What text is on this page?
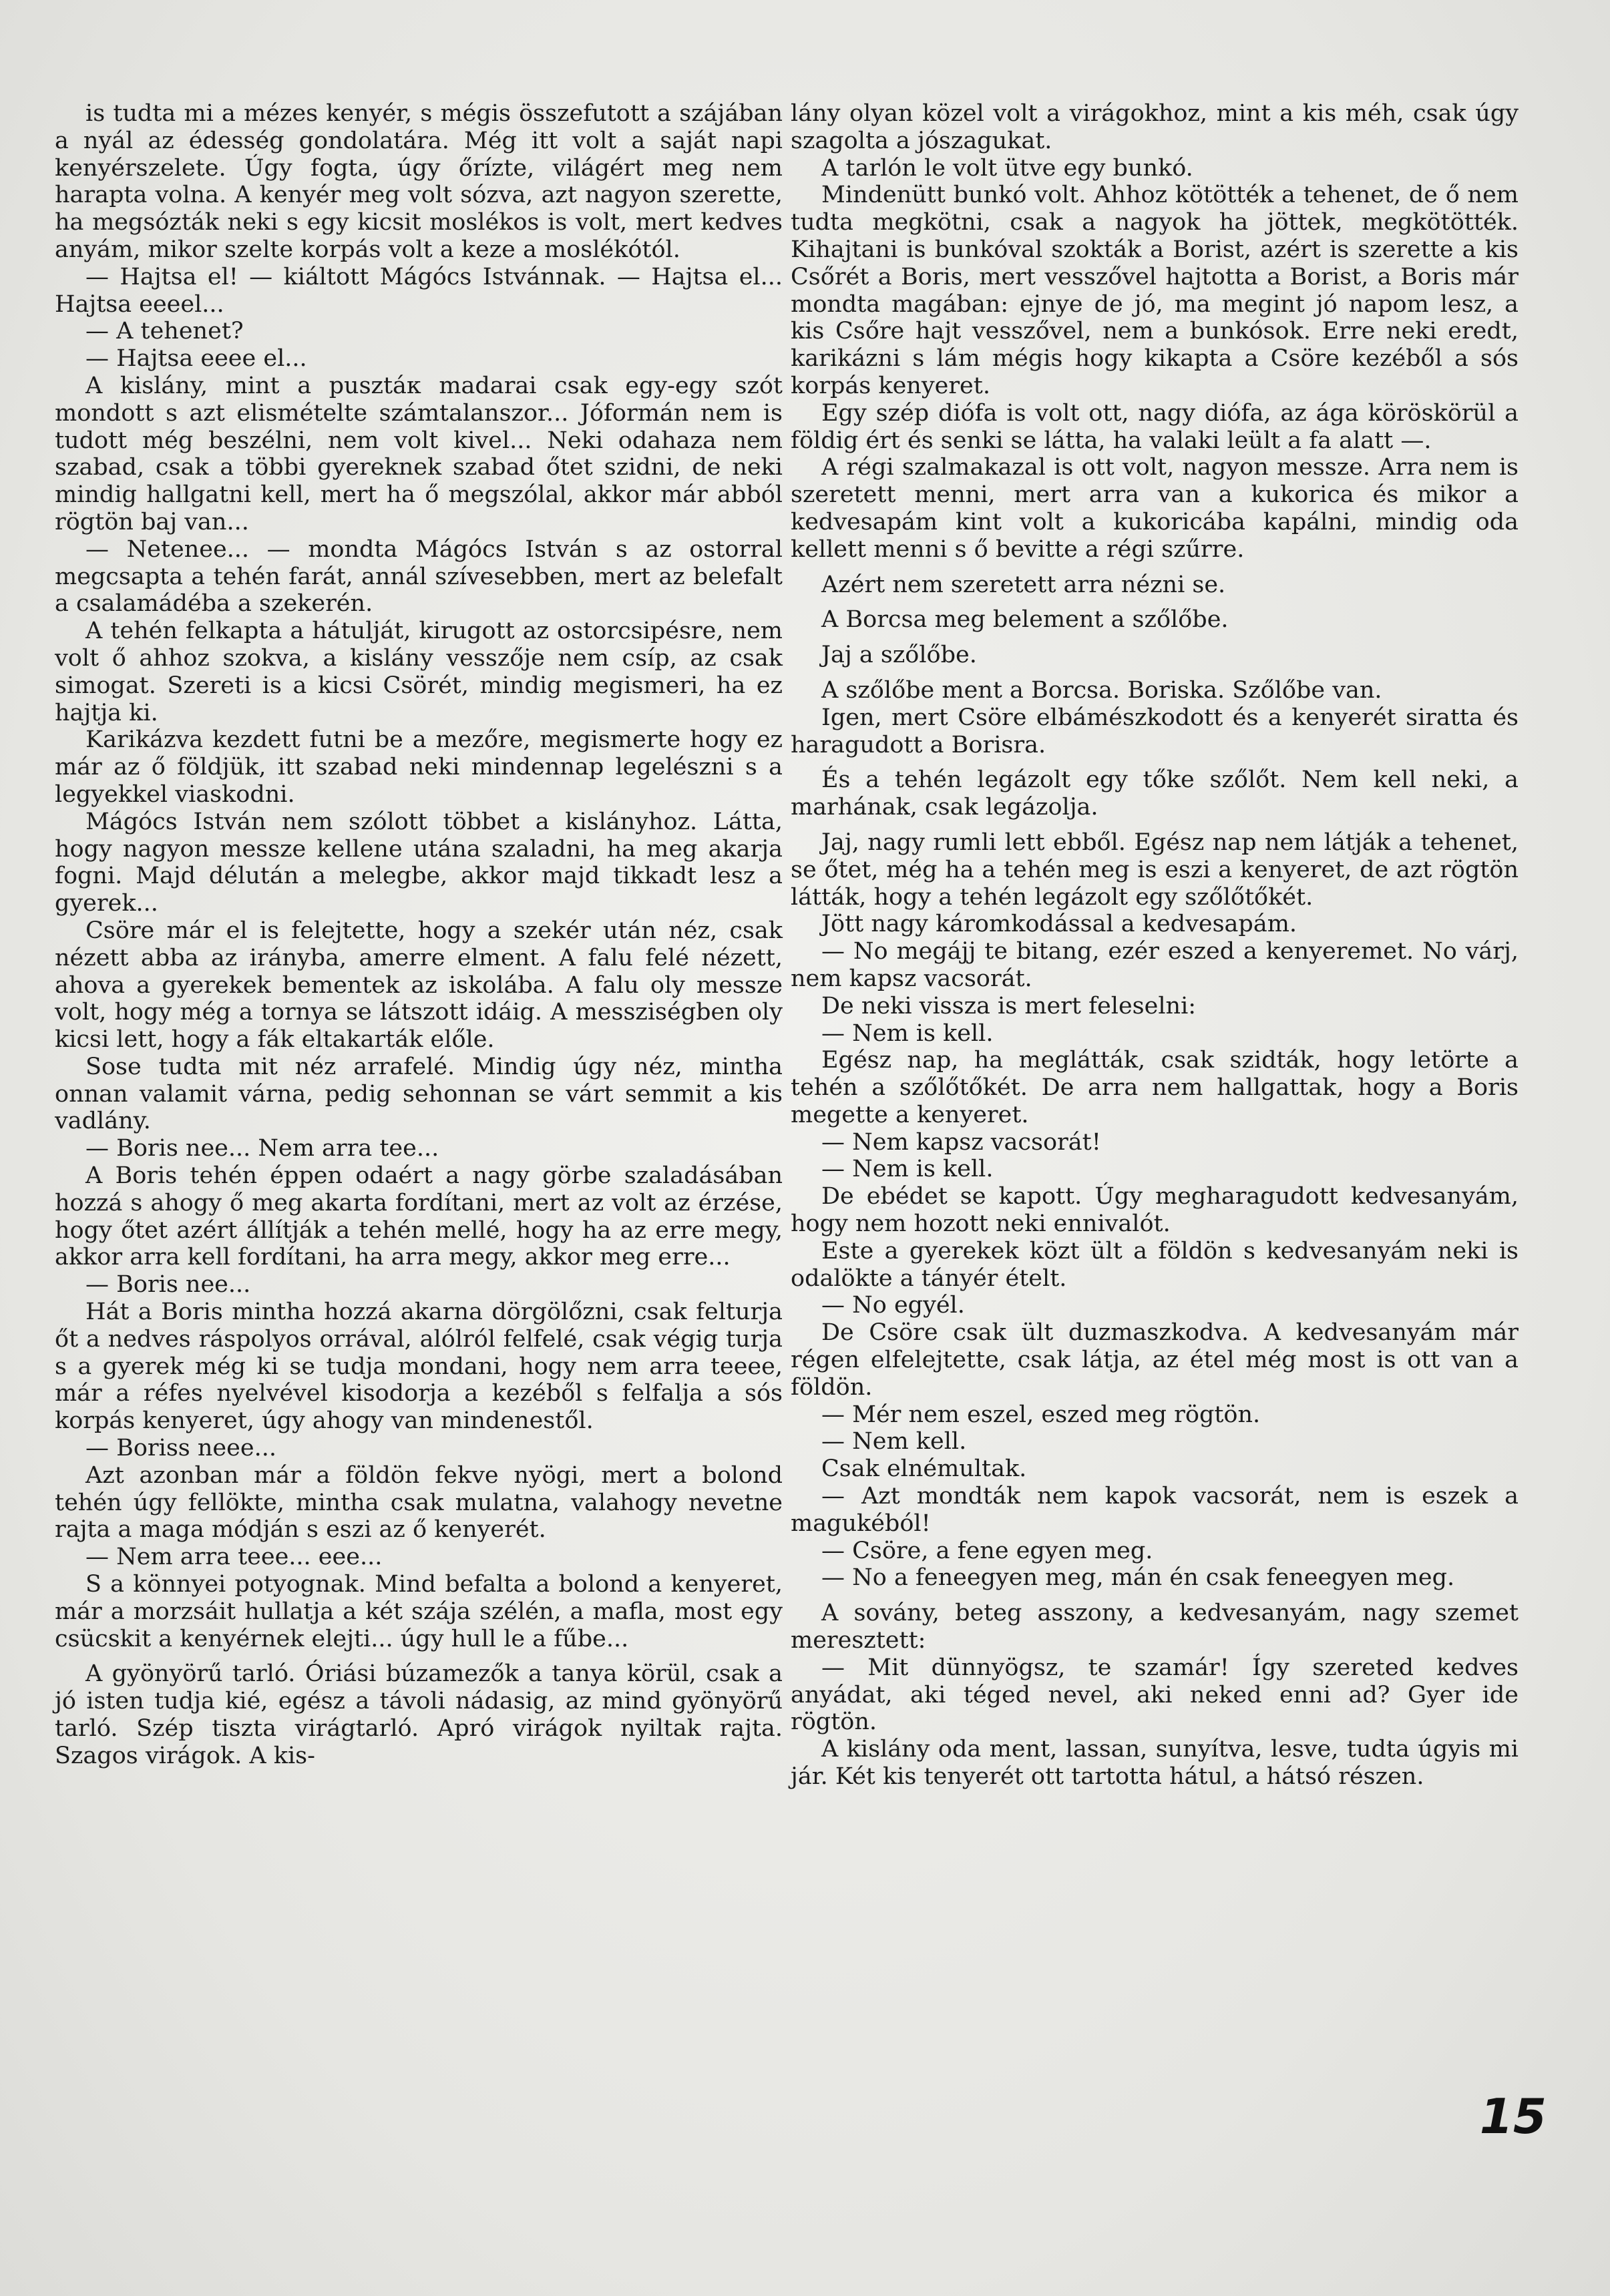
is tudta mi a mézes kenyér, s mégis összefutott a szájában a nyál az édesség gondolatára. Még itt volt a saját napi kenyérszelete. Úgy fogta, úgy őrízte, világért meg nem harapta volna. A kenyér meg volt sózva, azt nagyon szerette, ha megsózták neki s egy kicsit moslékos is volt, mert kedves anyám, mikor szelte korpás volt a keze a moslékótól.

— Hajtsa el! — kiáltott Mágócs Istvánnak. — Hajtsa el... Hajtsa eeeel...

— A tehenet?

— Hajtsa eeee el...

A kislány, mint a pusztáк madarai csak egy-egy szót mondott s azt elismételte számtalanszor... Jóformán nem is tudott még beszélni, nem volt kivel... Neki odahaza nem szabad, csak a többi gyereknek szabad őtet szidni, de neki mindig hallgatni kell, mert ha ő megszólal, akkor már abból rögtön baj van...

— Netenee... — mondta Mágócs István s az ostorral megcsapta a tehén farát, annál szívesebben, mert az belefalt a csalamádéba a szekerén.

A tehén felkapta a hátulját, kirugott az ostorcsipésre, nem volt ő ahhoz szokva, a kislány vesszője nem csíp, az csak simogat. Szereti is a kicsi Csörét, mindig megismeri, ha ez hajtja ki.

Karikázva kezdett futni be a mezőre, megismerte hogy ez már az ő földjük, itt szabad neki mindennap legelészni s a legyekkel viaskodni.

Mágócs István nem szólott többet a kislányhoz. Látta, hogy nagyon messze kellene utána szaladni, ha meg akarja fogni. Majd délután a melegbe, akkor majd tikkadt lesz a gyerek...

Csöre már el is felejtette, hogy a szekér után néz, csak nézett abba az irányba, amerre elment. A falu felé nézett, ahova a gyerekek bementek az iskolába. A falu oly messze volt, hogy még a tornya se látszott idáig. A messziségben oly kicsi lett, hogy a fák eltakarták előle.

Sose tudta mit néz arrafelé. Mindig úgy néz, mintha onnan valamit várna, pedig sehonnan se várt semmit a kis vadlány.

— Boris nee... Nem arra tee...

A Boris tehén éppen odaért a nagy görbe szaladásában hozzá s ahogy ő meg akarta fordítani, mert az volt az érzése, hogy őtet azért állítják a tehén mellé, hogy ha az erre megy, akkor arra kell fordítani, ha arra megy, akkor meg erre...

— Boris nee...

Hát a Boris mintha hozzá akarna dörgölőzni, csak felturja őt a nedves ráspolyos orrával, alólról felfelé, csak végig turja s a gyerek még ki se tudja mondani, hogy nem arra teeee, már a réfes nyelvével kisodorja a kezéből s felfalja a sós korpás kenyeret, úgy ahogy van mindenestől.

— Boriss neee...

Azt azonban már a földön fekve nyögi, mert a bolond tehén úgy fellökte, mintha csak mulatna, valahogy nevetne rajta a maga módján s eszi az ő kenyerét.

— Nem arra teee... eee...

S a könnyei potyognak. Mind befalta a bolond a kenyeret, már a morzsáit hullatja a két szája szélén, a mafla, most egy csücskit a kenyérnek elejti... úgy hull le a fűbe...

A gyönyörű tarló. Óriási búzamezők a tanya körül, csak a jó isten tudja kié, egész a távoli nádasig, az mind gyönyörű tarló. Szép tiszta virágtarló. Apró virágok nyiltak rajta. Szagos virágok. A kis-

lány olyan közel volt a virágokhoz, mint a kis méh, csak úgy szagolta a jószagukat.

A tarlón le volt ütve egy bunkó.

Mindenütt bunkó volt. Ahhoz kötötték a tehenet, de ő nem tudta megkötni, csak a nagyok ha jöttek, megkötötték. Kihajtani is bunkóval szokták a Borist, azért is szerette a kis Csőrét a Boris, mert vesszővel hajtotta a Borist, a Boris már mondta magában: ejnye de jó, ma megint jó napom lesz, a kis Csőre hajt vesszővel, nem a bunkósok. Erre neki eredt, karikázni s lám mégis hogy kikapta a Csöre kezéből a sós korpás kenyeret.

Egy szép diófa is volt ott, nagy diófa, az ága köröskörül a földig ért és senki se látta, ha valaki leült a fa alatt —.

A régi szalmakazal is ott volt, nagyon messze. Arra nem is szeretett menni, mert arra van a kukorica és mikor a kedvesapám kint volt a kukoricába kapálni, mindig oda kellett menni s ő bevitte a régi szűrre.

Azért nem szeretett arra nézni se.

A Borcsa meg belement a szőlőbe.

Jaj a szőlőbe.

A szőlőbe ment a Borcsa. Boriska. Szőlőbe van.

Igen, mert Csöre elbámészkodott és a kenyerét siratta és haragudott a Borisra.

És a tehén legázolt egy tőke szőlőt. Nem kell neki, a marhának, csak legázolja.

Jaj, nagy rumli lett ebből. Egész nap nem látják a tehenet, se őtet, még ha a tehén meg is eszi a kenyeret, de azt rögtön látták, hogy a tehén legázolt egy szőlőtőkét.

Jött nagy káromkodással a kedvesapám.

— No megájj te bitang, ezér eszed a kenyeremet. No várj, nem kapsz vacsorát.

De neki vissza is mert feleselni:

— Nem is kell.

Egész nap, ha meglátták, csak szidták, hogy letörte a tehén a szőlőtőkét. De arra nem hallgattak, hogy a Boris megette a kenyeret.

— Nem kapsz vacsorát!

— Nem is kell.

De ebédet se kapott. Úgy megharagudott kedvesanyám, hogy nem hozott neki ennivalót.

Este a gyerekek közt ült a földön s kedvesanyám neki is odalökte a tányér ételt.

— No egyél.

De Csöre csak ült duzmaszkodva. A kedvesanyám már régen elfelejtette, csak látja, az étel még most is ott van a földön.

— Mér nem eszel, eszed meg rögtön.

— Nem kell.

Csak elnémultak.

— Azt mondták nem kapok vacsorát, nem is eszek a magukéból!

— Csöre, a fene egyen meg.

— No a feneegyen meg, mán én csak feneegyen meg.

A sovány, beteg asszony, a kedvesanyám, nagy szemet meresztett:

— Mit dünnyögsz, te szamár! Így szereted kedves anyádat, aki téged nevel, aki neked enni ad? Gyer ide rögtön.

A kislány oda ment, lassan, sunyítva, lesve, tudta úgyis mi jár. Két kis tenyerét ott tartotta hátul, a hátsó részen.

15
